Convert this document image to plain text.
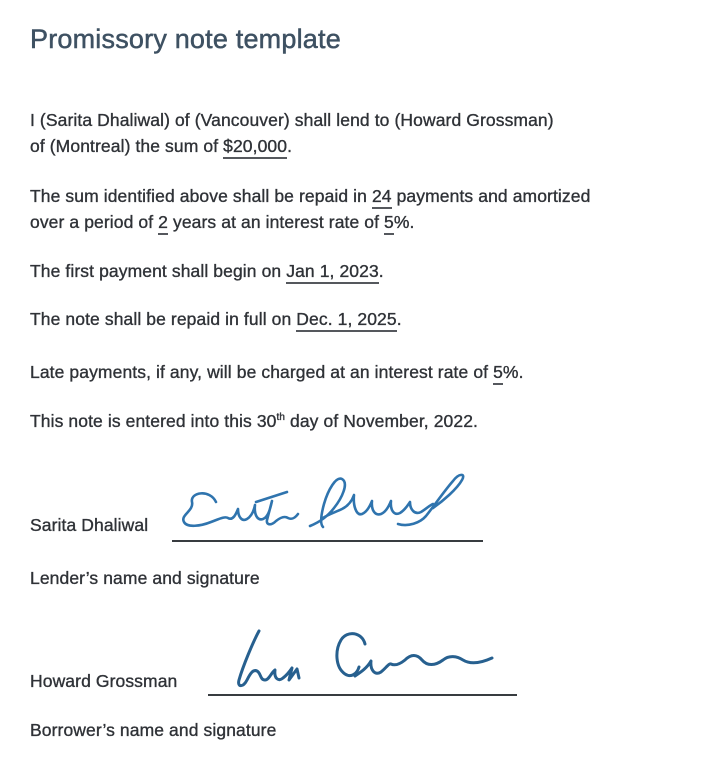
Promissory note template

I (Sarita Dhaliwal) of (Vancouver) shall lend to (Howard Grossman)
of (Montreal) the sum of $20,000.

The sum identified above shall be repaid in 24 payments and amortized
over a period of 2 years at an interest rate of 5%.

The first payment shall begin on Jan 1, 2023.

The note shall be repaid in full on Dec. 1, 2025.

Late payments, if any, will be charged at an interest rate of 5%.

This note is entered into this 30th day of November, 2022.

Sarita Dhaliwal

Lender’s name and signature

Howard Grossman

Borrower’s name and signature
